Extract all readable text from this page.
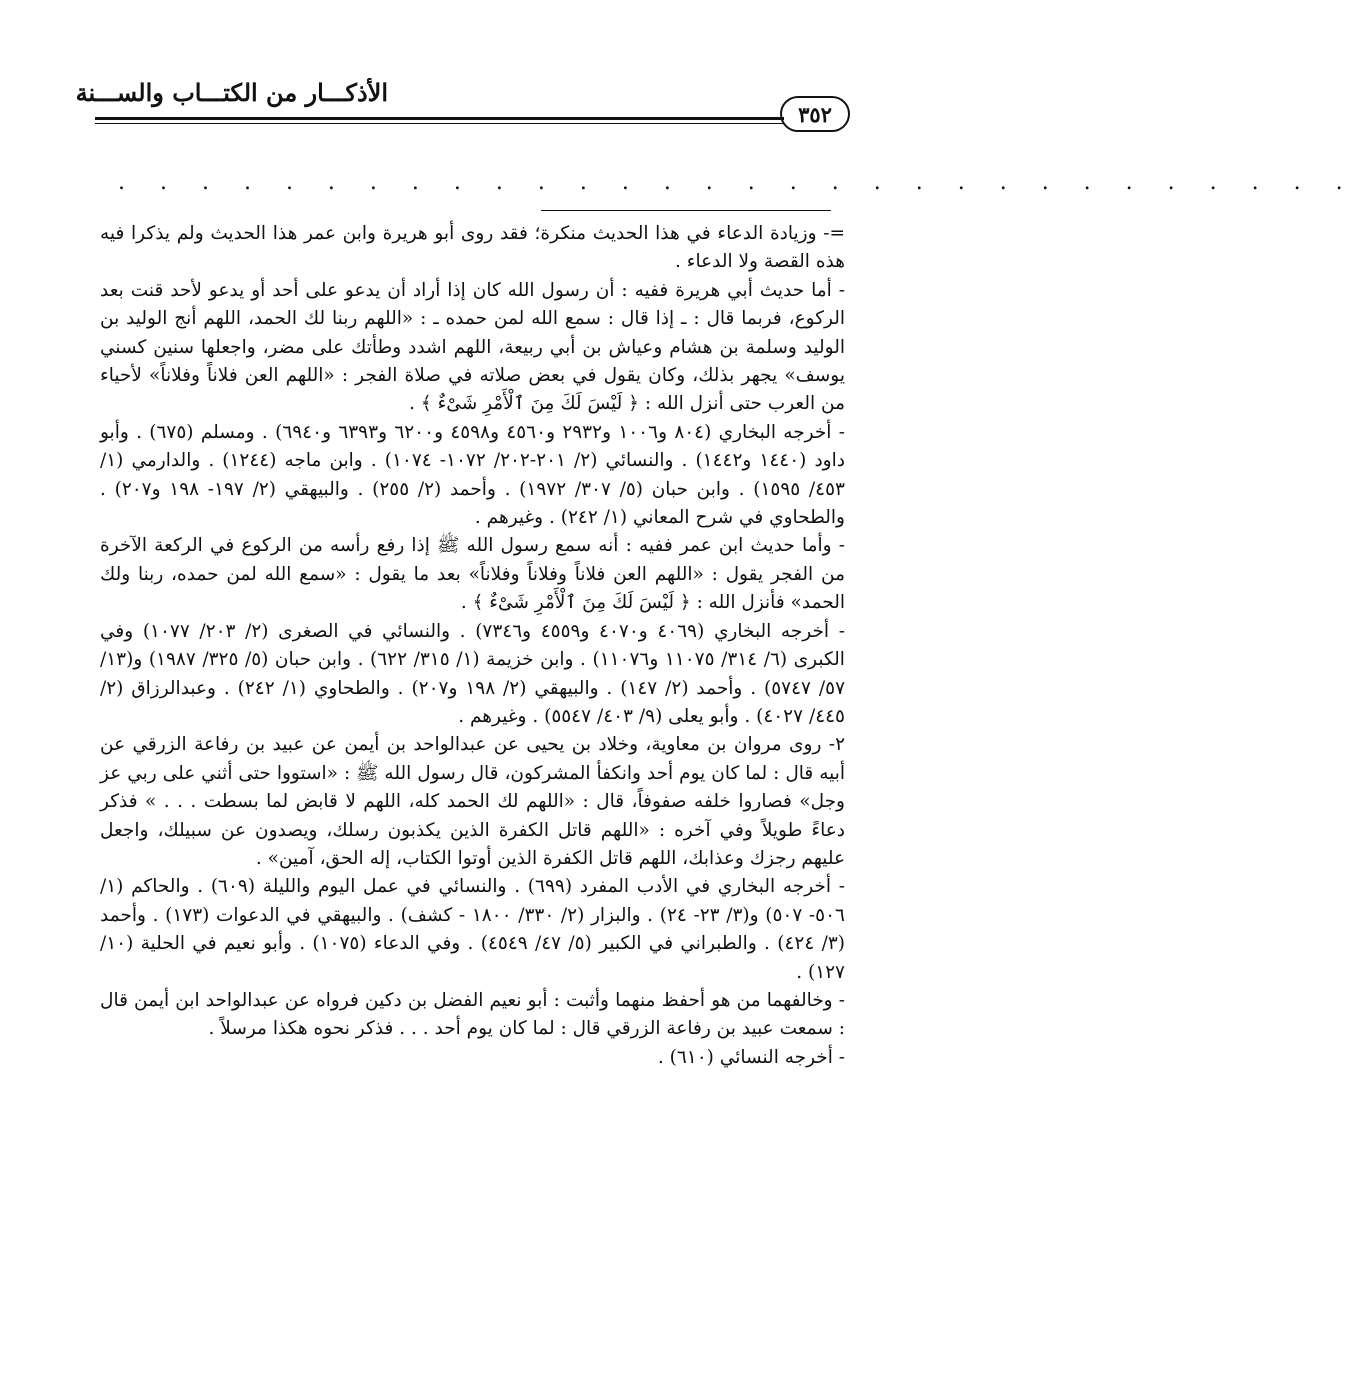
الأذكـــار من الكتـــاب والســـنة
٣٥٢
. . . . . . . . . . . . . . . . . . . . . . . . . . . . . .

=- وزيادة الدعاء في هذا الحديث منكرة؛ فقد روى أبو هريرة وابن عمر هذا الحديث ولم يذكرا فيه هذه القصة ولا الدعاء .

- أما حديث أبي هريرة ففيه : أن رسول الله كان إذا أراد أن يدعو على أحد أو يدعو لأحد قنت بعد الركوع، فربما قال : ـ إذا قال : سمع الله لمن حمده ـ : «اللهم ربنا لك الحمد، اللهم أنج الوليد بن الوليد وسلمة بن هشام وعياش بن أبي ربيعة، اللهم اشدد وطأتك على مضر، واجعلها سنين كسني يوسف» يجهر بذلك، وكان يقول في بعض صلاته في صلاة الفجر : «اللهم العن فلاناً وفلاناً» لأحياء من العرب حتى أنزل الله : ﴿ لَيْسَ لَكَ مِنَ ٱلْأَمْرِ شَىْءٌ ﴾ .

- أخرجه البخاري (٨٠٤ و١٠٠٦ و٢٩٣٢ و٤٥٦٠ و٤٥٩٨ و٦٢٠٠ و٦٣٩٣ و٦٩٤٠) . ومسلم (٦٧٥) . وأبو داود (١٤٤٠ و١٤٤٢) . والنسائي (٢/ ٢٠١-٢٠٢/ ١٠٧٢- ١٠٧٤) . وابن ماجه (١٢٤٤) . والدارمي (١/ ٤٥٣/ ١٥٩٥) . وابن حبان (٥/ ٣٠٧/ ١٩٧٢) . وأحمد (٢/ ٢٥٥) . والبيهقي (٢/ ١٩٧- ١٩٨ و٢٠٧) . والطحاوي في شرح المعاني (١/ ٢٤٢) . وغيرهم .

- وأما حديث ابن عمر ففيه : أنه سمع رسول الله ﷺ إذا رفع رأسه من الركوع في الركعة الآخرة من الفجر يقول : «اللهم العن فلاناً وفلاناً وفلاناً» بعد ما يقول : «سمع الله لمن حمده، ربنا ولك الحمد» فأنزل الله : ﴿ لَيْسَ لَكَ مِنَ ٱلْأَمْرِ شَىْءٌ ﴾ .

- أخرجه البخاري (٤٠٦٩ و٤٠٧٠ و٤٥٥٩ و٧٣٤٦) . والنسائي في الصغرى (٢/ ٢٠٣/ ١٠٧٧) وفي الكبرى (٦/ ٣١٤/ ١١٠٧٥ و١١٠٧٦) . وابن خزيمة (١/ ٣١٥/ ٦٢٢) . وابن حبان (٥/ ٣٢٥/ ١٩٨٧) و(١٣/ ٥٧/ ٥٧٤٧) . وأحمد (٢/ ١٤٧) . والبيهقي (٢/ ١٩٨ و٢٠٧) . والطحاوي (١/ ٢٤٢) . وعبدالرزاق (٢/ ٤٤٥/ ٤٠٢٧) . وأبو يعلى (٩/ ٤٠٣/ ٥٥٤٧) . وغيرهم .

٢- روى مروان بن معاوية، وخلاد بن يحيى عن عبدالواحد بن أيمن عن عبيد بن رفاعة الزرقي عن أبيه قال : لما كان يوم أحد وانكفأ المشركون، قال رسول الله ﷺ : «استووا حتى أثني على ربي عز وجل» فصاروا خلفه صفوفاً، قال : «اللهم لك الحمد كله، اللهم لا قابض لما بسطت . . . » فذكر دعاءً طويلاً وفي آخره : «اللهم قاتل الكفرة الذين يكذبون رسلك، ويصدون عن سبيلك، واجعل عليهم رجزك وعذابك، اللهم قاتل الكفرة الذين أوتوا الكتاب، إله الحق، آمين» .

- أخرجه البخاري في الأدب المفرد (٦٩٩) . والنسائي في عمل اليوم والليلة (٦٠٩) . والحاكم (١/ ٥٠٦- ٥٠٧) و(٣/ ٢٣- ٢٤) . والبزار (٢/ ٣٣٠/ ١٨٠٠ - كشف) . والبيهقي في الدعوات (١٧٣) . وأحمد (٣/ ٤٢٤) . والطبراني في الكبير (٥/ ٤٧/ ٤٥٤٩) . وفي الدعاء (١٠٧٥) . وأبو نعيم في الحلية (١٠/ ١٢٧) .

- وخالفهما من هو أحفظ منهما وأثبت : أبو نعيم الفضل بن دكين فرواه عن عبدالواحد ابن أيمن قال : سمعت عبيد بن رفاعة الزرقي قال : لما كان يوم أحد . . . فذكر نحوه هكذا مرسلاً .

- أخرجه النسائي (٦١٠) .
